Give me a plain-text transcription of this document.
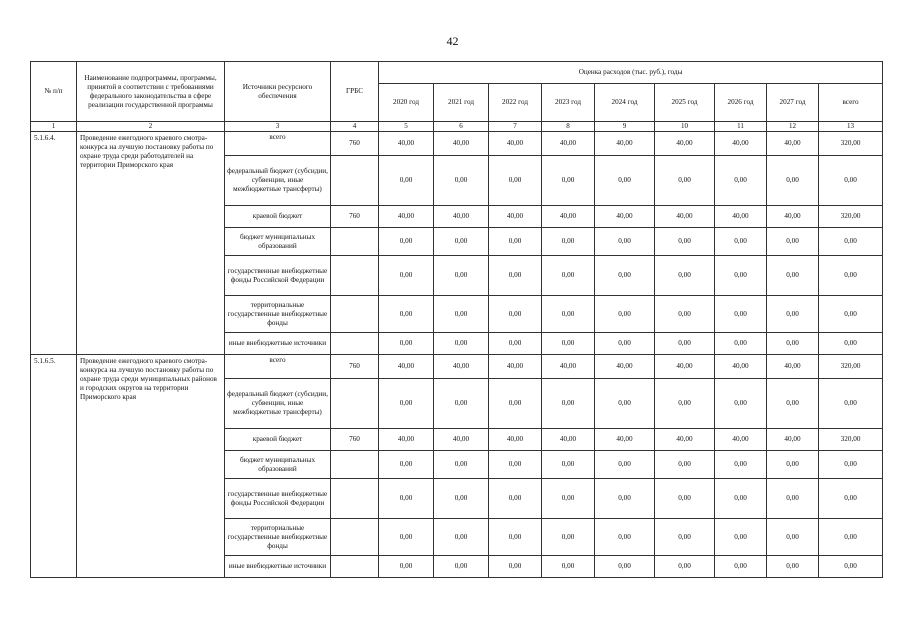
42
№ п/п	Наименование подпрограммы, программы, принятой в соответствии с требованиями федерального законодательства в сфере реализации государственной программы	Источники ресурсного обеспечения	ГРБС	Оценка расходов (тыс. руб.), годы								
				2020 год	2021 год	2022 год	2023 год	2024 год	2025 год	2026 год	2027 год	всего
1	2	3	4	5	6	7	8	9	10	11	12	13
5.1.6.4.	Проведение ежегодного краевого смотра-конкурса на лучшую постановку работы по охране труда среди работодателей на территории Приморского края	всего	760	40,00	40,00	40,00	40,00	40,00	40,00	40,00	40,00	320,00
		федеральный бюджет (субсидии, субвенции, иные межбюджетные трансферты)		0,00	0,00	0,00	0,00	0,00	0,00	0,00	0,00	0,00
		краевой бюджет	760	40,00	40,00	40,00	40,00	40,00	40,00	40,00	40,00	320,00
		бюджет муниципальных образований		0,00	0,00	0,00	0,00	0,00	0,00	0,00	0,00	0,00
		государственные внебюджетные фонды Российской Федерации		0,00	0,00	0,00	0,00	0,00	0,00	0,00	0,00	0,00
		территориальные государственные внебюджетные фонды		0,00	0,00	0,00	0,00	0,00	0,00	0,00	0,00	0,00
		иные внебюджетные источники		0,00	0,00	0,00	0,00	0,00	0,00	0,00	0,00	0,00
5.1.6.5.	Проведение ежегодного краевого смотра-конкурса на лучшую постановку работы по охране труда среди муниципальных районов и городских округов на территории Приморского края	всего	760	40,00	40,00	40,00	40,00	40,00	40,00	40,00	40,00	320,00
		федеральный бюджет (субсидии, субвенции, иные межбюджетные трансферты)		0,00	0,00	0,00	0,00	0,00	0,00	0,00	0,00	0,00
		краевой бюджет	760	40,00	40,00	40,00	40,00	40,00	40,00	40,00	40,00	320,00
		бюджет муниципальных образований		0,00	0,00	0,00	0,00	0,00	0,00	0,00	0,00	0,00
		государственные внебюджетные фонды Российской Федерации		0,00	0,00	0,00	0,00	0,00	0,00	0,00	0,00	0,00
		территориальные государственные внебюджетные фонды		0,00	0,00	0,00	0,00	0,00	0,00	0,00	0,00	0,00
		иные внебюджетные источники		0,00	0,00	0,00	0,00	0,00	0,00	0,00	0,00	0,00
